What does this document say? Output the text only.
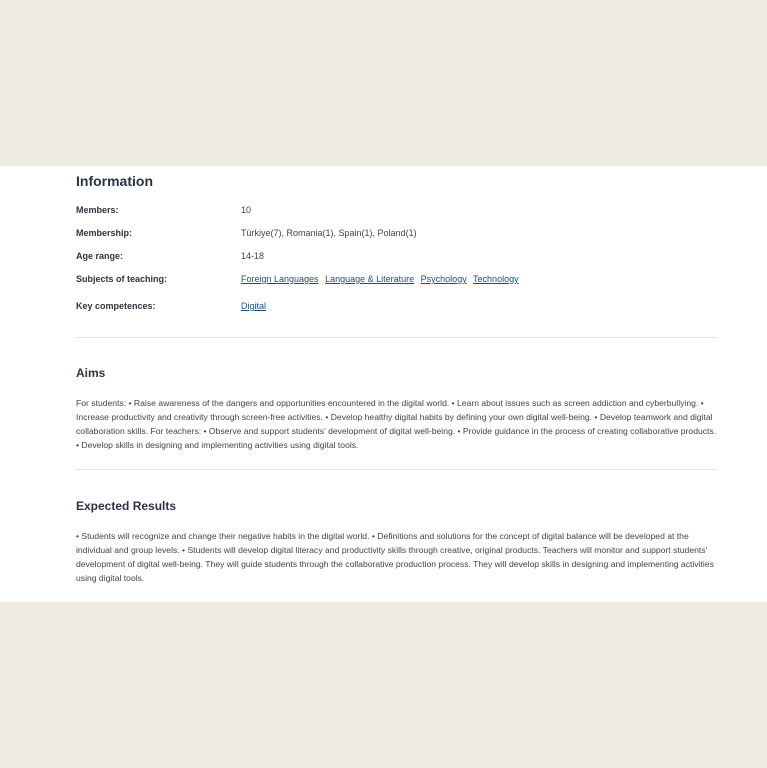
Information
Members:	10
Membership:	Türkiye(7), Romania(1), Spain(1), Poland(1)
Age range:	14-18
Subjects of teaching:	Foreign Languages Language & Literature Psychology Technology
Key competences:	Digital
Aims

For students: • Raise awareness of the dangers and opportunities encountered in the digital world. • Learn about issues such as screen addiction and cyberbullying. • Increase productivity and creativity through screen-free activities. • Develop healthy digital habits by defining your own digital well-being. • Develop teamwork and digital collaboration skills. For teachers: • Observe and support students' development of digital well-being. • Provide guidance in the process of creating collaborative products. • Develop skills in designing and implementing activities using digital tools.

Expected Results

• Students will recognize and change their negative habits in the digital world. • Definitions and solutions for the concept of digital balance will be developed at the individual and group levels. • Students will develop digital literacy and productivity skills through creative, original products. Teachers will monitor and support students' development of digital well-being. They will guide students through the collaborative production process. They will develop skills in designing and implementing activities using digital tools.
